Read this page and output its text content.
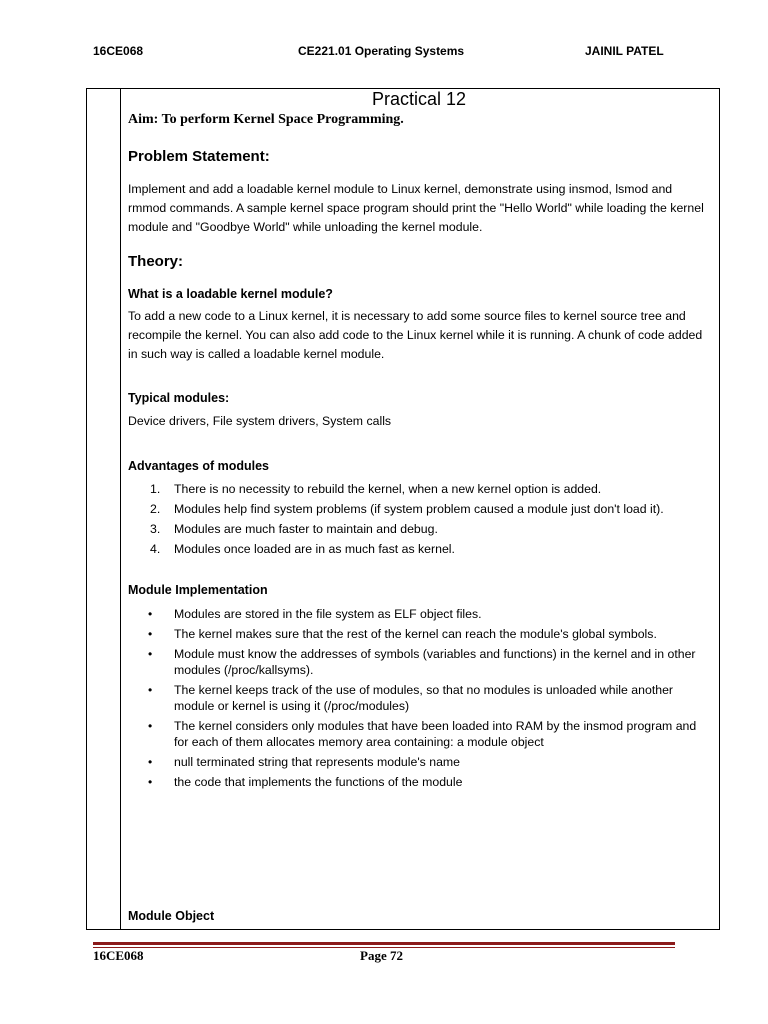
16CE068	CE221.01 Operating Systems	JAINIL PATEL
Practical 12
Aim: To perform Kernel Space Programming.
Problem Statement:
Implement and add a loadable kernel module to Linux kernel, demonstrate using insmod, lsmod and rmmod commands. A sample kernel space program should print the "Hello World" while loading the kernel module and "Goodbye World" while unloading the kernel module.
Theory:
What is a loadable kernel module?
To add a new code to a Linux kernel, it is necessary to add some source files to kernel source tree and recompile the kernel. You can also add code to the Linux kernel while it is running. A chunk of code added in such way is called a loadable kernel module.
Typical modules:
Device drivers, File system drivers, System calls
Advantages of modules
1. There is no necessity to rebuild the kernel, when a new kernel option is added.
2. Modules help find system problems (if system problem caused a module just don't load it).
3. Modules are much faster to maintain and debug.
4. Modules once loaded are in as much fast as kernel.
Module Implementation
• Modules are stored in the file system as ELF object files.
• The kernel makes sure that the rest of the kernel can reach the module's global symbols.
• Module must know the addresses of symbols (variables and functions) in the kernel and in other modules (/proc/kallsyms).
• The kernel keeps track of the use of modules, so that no modules is unloaded while another module or kernel is using it (/proc/modules)
• The kernel considers only modules that have been loaded into RAM by the insmod program and for each of them allocates memory area containing: a module object
• null terminated string that represents module's name
• the code that implements the functions of the module
Module Object
16CE068	Page 72
